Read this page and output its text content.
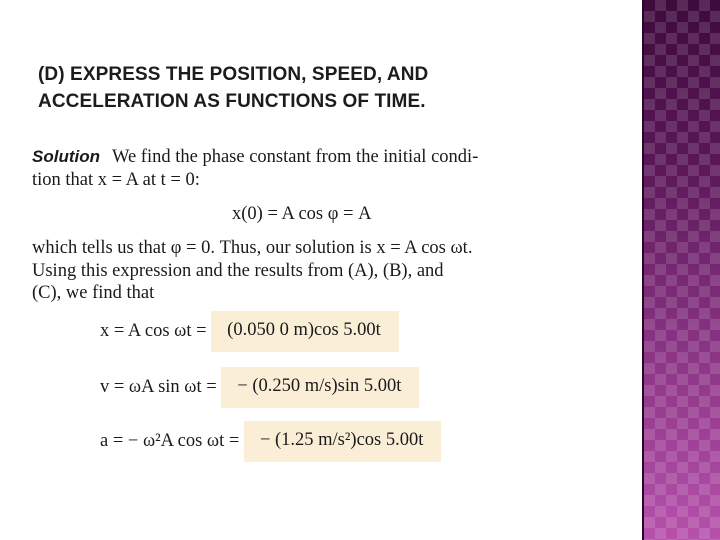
(D) EXPRESS THE POSITION, SPEED, AND
ACCELERATION AS FUNCTIONS OF TIME.
Solution We find the phase constant from the initial condi-
tion that x = A at t = 0:
x(0) = A cos φ = A
which tells us that φ = 0. Thus, our solution is x = A cos ωt.
Using this expression and the results from (A), (B), and
(C), we find that
x = A cos ωt = (0.050 0 m)cos 5.00t
v = ωA sin ωt = − (0.250 m/s)sin 5.00t
a = − ω²A cos ωt = − (1.25 m/s²)cos 5.00t
